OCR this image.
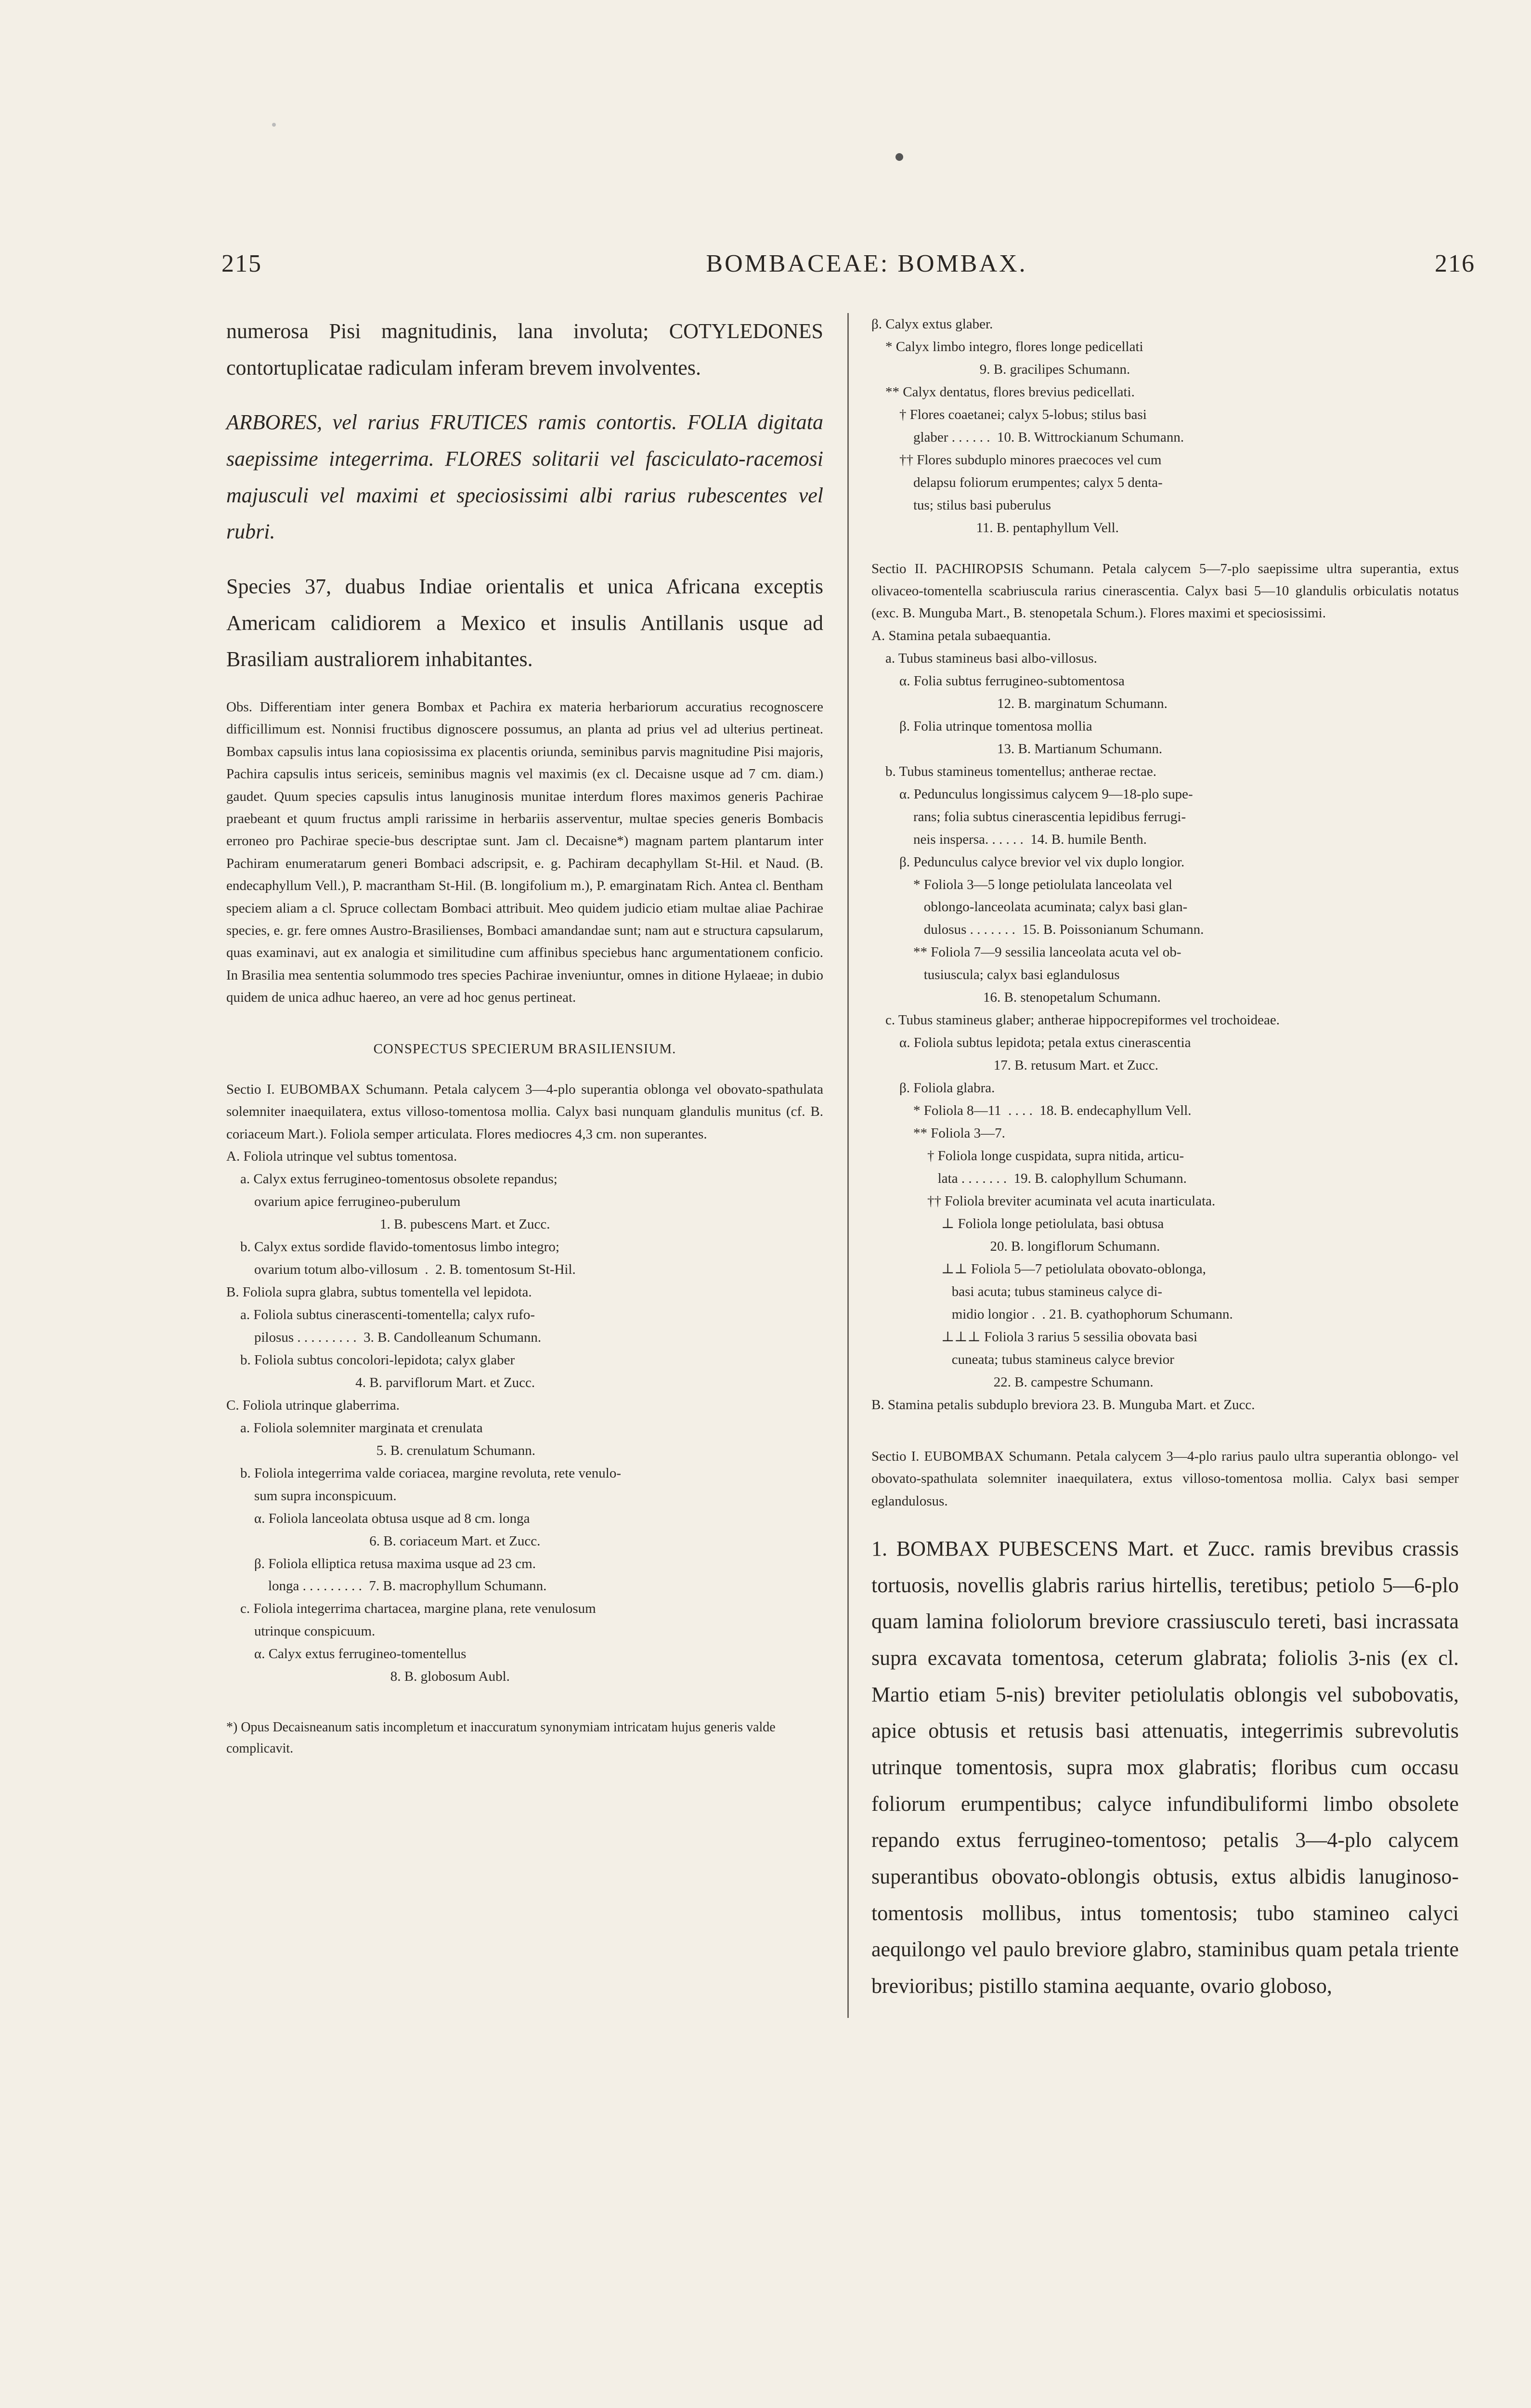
215	BOMBACEAE: BOMBAX.	216

numerosa Pisi magnitudinis, lana involuta; COTYLEDONES contortuplicatae radiculam inferam brevem involventes.

ARBORES, vel rarius FRUTICES ramis contortis. FOLIA digitata saepissime integerrima. FLORES solitarii vel fasciculato-racemosi majusculi vel maximi et speciosissimi albi rarius rubescentes vel rubri.

Species 37, duabus Indiae orientalis et unica Africana exceptis Americam calidiorem a Mexico et insulis Antillanis usque ad Brasiliam australiorem inhabitantes.

Obs. Differentiam inter genera Bombax et Pachira ex materia herbariorum accuratius recognoscere difficillimum est. Nonnisi fructibus dignoscere possumus, an planta ad prius vel ad ulterius pertineat. Bombax capsulis intus lana copiosissima ex placentis oriunda, seminibus parvis magnitudine Pisi majoris, Pachira capsulis intus sericeis, seminibus magnis vel maximis (ex cl. Decaisne usque ad 7 cm. diam.) gaudet. Quum species capsulis intus lanuginosis munitae interdum flores maximos generis Pachirae praebeant et quum fructus ampli rarissime in herbariis asserventur, multae species generis Bombacis erroneo pro Pachirae specie-bus descriptae sunt. Jam cl. Decaisne*) magnam partem plantarum inter Pachiram enumeratarum generi Bombaci adscripsit, e. g. Pachiram decaphyllam St-Hil. et Naud. (B. endecaphyllum Vell.), P. macrantham St-Hil. (B. longifolium m.), P. emarginatam Rich. Antea cl. Bentham speciem aliam a cl. Spruce collectam Bombaci attribuit. Meo quidem judicio etiam multae aliae Pachirae species, e. gr. fere omnes Austro-Brasilienses, Bombaci amandandae sunt; nam aut e structura capsularum, quas examinavi, aut ex analogia et similitudine cum affinibus speciebus hanc argumentationem conficio. In Brasilia mea sententia solummodo tres species Pachirae inveniuntur, omnes in ditione Hylaeae; in dubio quidem de unica adhuc haereo, an vere ad hoc genus pertineat.

CONSPECTUS SPECIERUM BRASILIENSIUM.

Sectio I. EUBOMBAX Schumann. Petala calycem 3—4-plo superantia oblonga vel obovato-spathulata solemniter inaequilatera, extus villoso-tomentosa mollia. Calyx basi nunquam glandulis munitus (cf. B. coriaceum Mart.). Foliola semper articulata. Flores mediocres 4,3 cm. non superantes.

A. Foliola utrinque vel subtus tomentosa.
a. Calyx extus ferrugineo-tomentosus obsolete repandus;
ovarium apice ferrugineo-puberulum
1. B. pubescens Mart. et Zucc.
b. Calyx extus sordide flavido-tomentosus limbo integro;
ovarium totum albo-villosum  .  2. B. tomentosum St-Hil.
B. Foliola supra glabra, subtus tomentella vel lepidota.
a. Foliola subtus cinerascenti-tomentella; calyx rufo-
pilosus . . . . . . . . .  3. B. Candolleanum Schumann.
b. Foliola subtus concolori-lepidota; calyx glaber
4. B. parviflorum Mart. et Zucc.
C. Foliola utrinque glaberrima.
a. Foliola solemniter marginata et crenulata
5. B. crenulatum Schumann.
b. Foliola integerrima valde coriacea, margine revoluta, rete venulo-
sum supra inconspicuum.
α. Foliola lanceolata obtusa usque ad 8 cm. longa
6. B. coriaceum Mart. et Zucc.
β. Foliola elliptica retusa maxima usque ad 23 cm.
longa . . . . . . . . .  7. B. macrophyllum Schumann.
c. Foliola integerrima chartacea, margine plana, rete venulosum
utrinque conspicuum.
α. Calyx extus ferrugineo-tomentellus
8. B. globosum Aubl.

*) Opus Decaisneanum satis incompletum et inaccuratum synonymiam intricatam hujus generis valde complicavit.

β. Calyx extus glaber.
* Calyx limbo integro, flores longe pedicellati
9. B. gracilipes Schumann.
** Calyx dentatus, flores brevius pedicellati.
† Flores coaetanei; calyx 5-lobus; stilus basi
glaber . . . . . .  10. B. Wittrockianum Schumann.
†† Flores subduplo minores praecoces vel cum
delapsu foliorum erumpentes; calyx 5 denta-
tus; stilus basi puberulus
11. B. pentaphyllum Vell.

Sectio II. PACHIROPSIS Schumann. Petala calycem 5—7-plo saepissime ultra superantia, extus olivaceo-tomentella scabriuscula rarius cinerascentia. Calyx basi 5—10 glandulis orbiculatis notatus (exc. B. Munguba Mart., B. stenopetala Schum.). Flores maximi et speciosissimi.

A. Stamina petala subaequantia.
a. Tubus stamineus basi albo-villosus.
α. Folia subtus ferrugineo-subtomentosa
12. B. marginatum Schumann.
β. Folia utrinque tomentosa mollia
13. B. Martianum Schumann.
b. Tubus stamineus tomentellus; antherae rectae.
α. Pedunculus longissimus calycem 9—18-plo supe-
rans; folia subtus cinerascentia lepidibus ferrugi-
neis inspersa. . . . . .  14. B. humile Benth.
β. Pedunculus calyce brevior vel vix duplo longior.
* Foliola 3—5 longe petiolulata lanceolata vel
oblongo-lanceolata acuminata; calyx basi glan-
dulosus . . . . . . .  15. B. Poissonianum Schumann.
** Foliola 7—9 sessilia lanceolata acuta vel ob-
tusiuscula; calyx basi eglandulosus
16. B. stenopetalum Schumann.
c. Tubus stamineus glaber; antherae hippocrepiformes vel trochoideae.
α. Foliola subtus lepidota; petala extus cinerascentia
17. B. retusum Mart. et Zucc.
β. Foliola glabra.
* Foliola 8—11  . . . .  18. B. endecaphyllum Vell.
** Foliola 3—7.
† Foliola longe cuspidata, supra nitida, articu-
lata . . . . . . .  19. B. calophyllum Schumann.
†† Foliola breviter acuminata vel acuta inarticulata.
⊥ Foliola longe petiolulata, basi obtusa
20. B. longiflorum Schumann.
⊥⊥ Foliola 5—7 petiolulata obovato-oblonga,
basi acuta; tubus stamineus calyce di-
midio longior .  . 21. B. cyathophorum Schumann.
⊥⊥⊥ Foliola 3 rarius 5 sessilia obovata basi
cuneata; tubus stamineus calyce brevior
22. B. campestre Schumann.
B. Stamina petalis subduplo breviora 23. B. Munguba Mart. et Zucc.

Sectio I. EUBOMBAX Schumann. Petala calycem 3—4-plo rarius paulo ultra superantia oblongo- vel obovato-spathulata solemniter inaequilatera, extus villoso-tomentosa mollia. Calyx basi semper eglandulosus.

1. BOMBAX PUBESCENS Mart. et Zucc. ramis brevibus crassis tortuosis, novellis glabris rarius hirtellis, teretibus; petiolo 5—6-plo quam lamina foliolorum breviore crassiusculo tereti, basi incrassata supra excavata tomentosa, ceterum glabrata; foliolis 3-nis (ex cl. Martio etiam 5-nis) breviter petiolulatis oblongis vel subobovatis, apice obtusis et retusis basi attenuatis, integerrimis subrevolutis utrinque tomentosis, supra mox glabratis; floribus cum occasu foliorum erumpentibus; calyce infundibuliformi limbo obsolete repando extus ferrugineo-tomentoso; petalis 3—4-plo calycem superantibus obovato-oblongis obtusis, extus albidis lanuginoso-tomentosis mollibus, intus tomentosis; tubo stamineo calyci aequilongo vel paulo breviore glabro, staminibus quam petala triente brevioribus; pistillo stamina aequante, ovario globoso,
